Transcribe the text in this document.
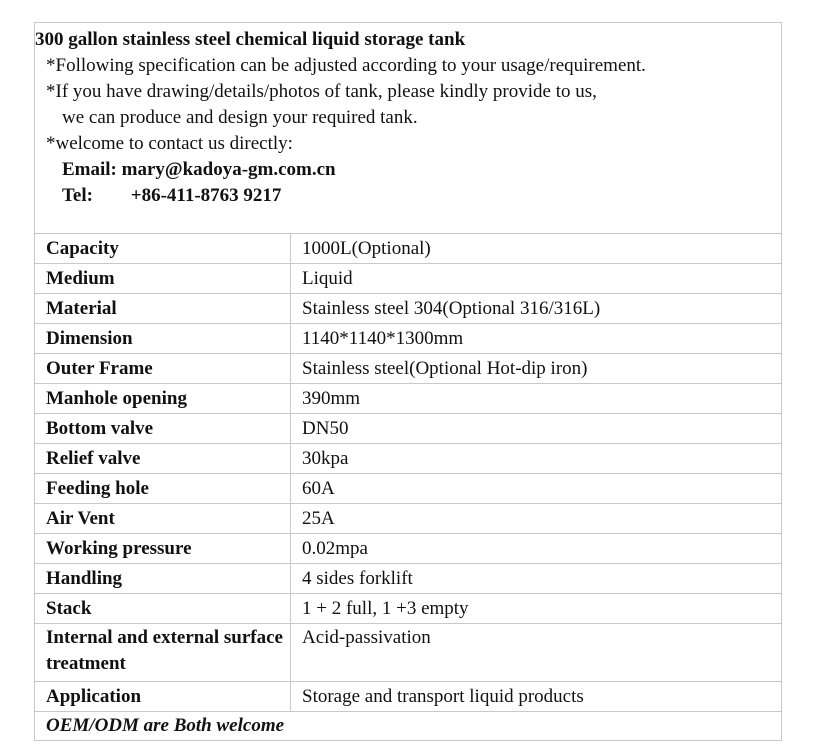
300 gallon stainless steel chemical liquid storage tank
*Following specification can be adjusted according to your usage/requirement.
*If you have drawing/details/photos of tank, please kindly provide to us,
we can produce and design your required tank.
*welcome to contact us directly:
Email: mary@kadoya-gm.com.cn
Tel: +86-411-8763 9217
Capacity	1000L(Optional)
Medium	Liquid
Material	Stainless steel 304(Optional 316/316L)
Dimension	1140*1140*1300mm
Outer Frame	Stainless steel(Optional Hot-dip iron)
Manhole opening	390mm
Bottom valve	DN50
Relief valve	30kpa
Feeding hole	60A
Air Vent	25A
Working pressure	0.02mpa
Handling	4 sides forklift
Stack	1 + 2 full, 1 +3 empty
Internal and external surface treatment	Acid-passivation
Application	Storage and transport liquid products
OEM/ODM are Both welcome
